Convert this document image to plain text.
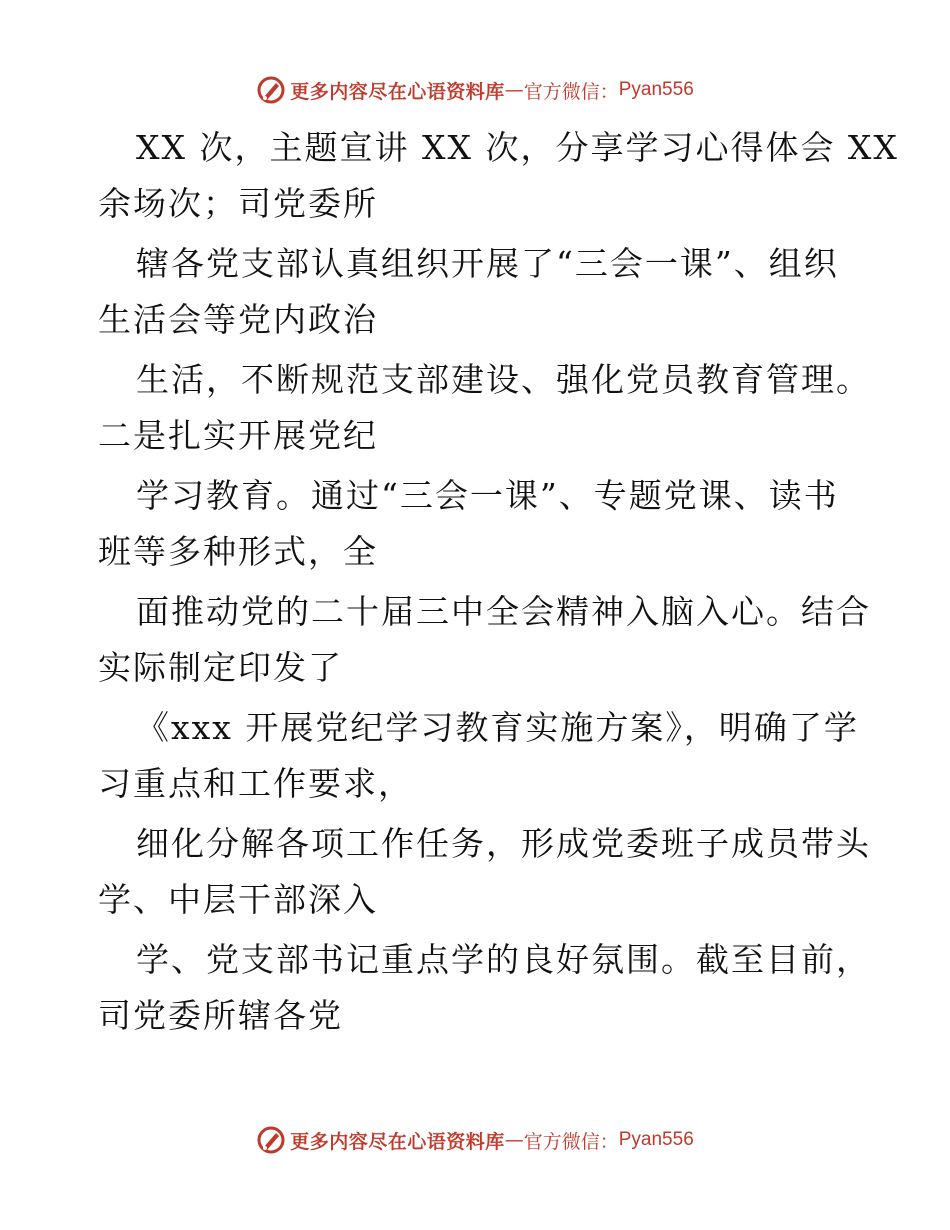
更多内容尽在心语资料库 — 官方微信： Pyan556
XX 次，主题宣讲 XX 次，分享学习心得体会 XX
余场次；司党委所
辖各党支部认真组织开展了“三会一课”、组织
生活会等党内政治
生活，不断规范支部建设、强化党员教育管理。
二是扎实开展党纪
学习教育。通过“三会一课”、专题党课、读书
班等多种形式，全
面推动党的二十届三中全会精神入脑入心。结合
实际制定印发了
《xxx 开展党纪学习教育实施方案》，明确了学
习重点和工作要求，
细化分解各项工作任务，形成党委班子成员带头
学、中层干部深入
学、党支部书记重点学的良好氛围。截至目前，
司党委所辖各党
更多内容尽在心语资料库 — 官方微信： Pyan556
